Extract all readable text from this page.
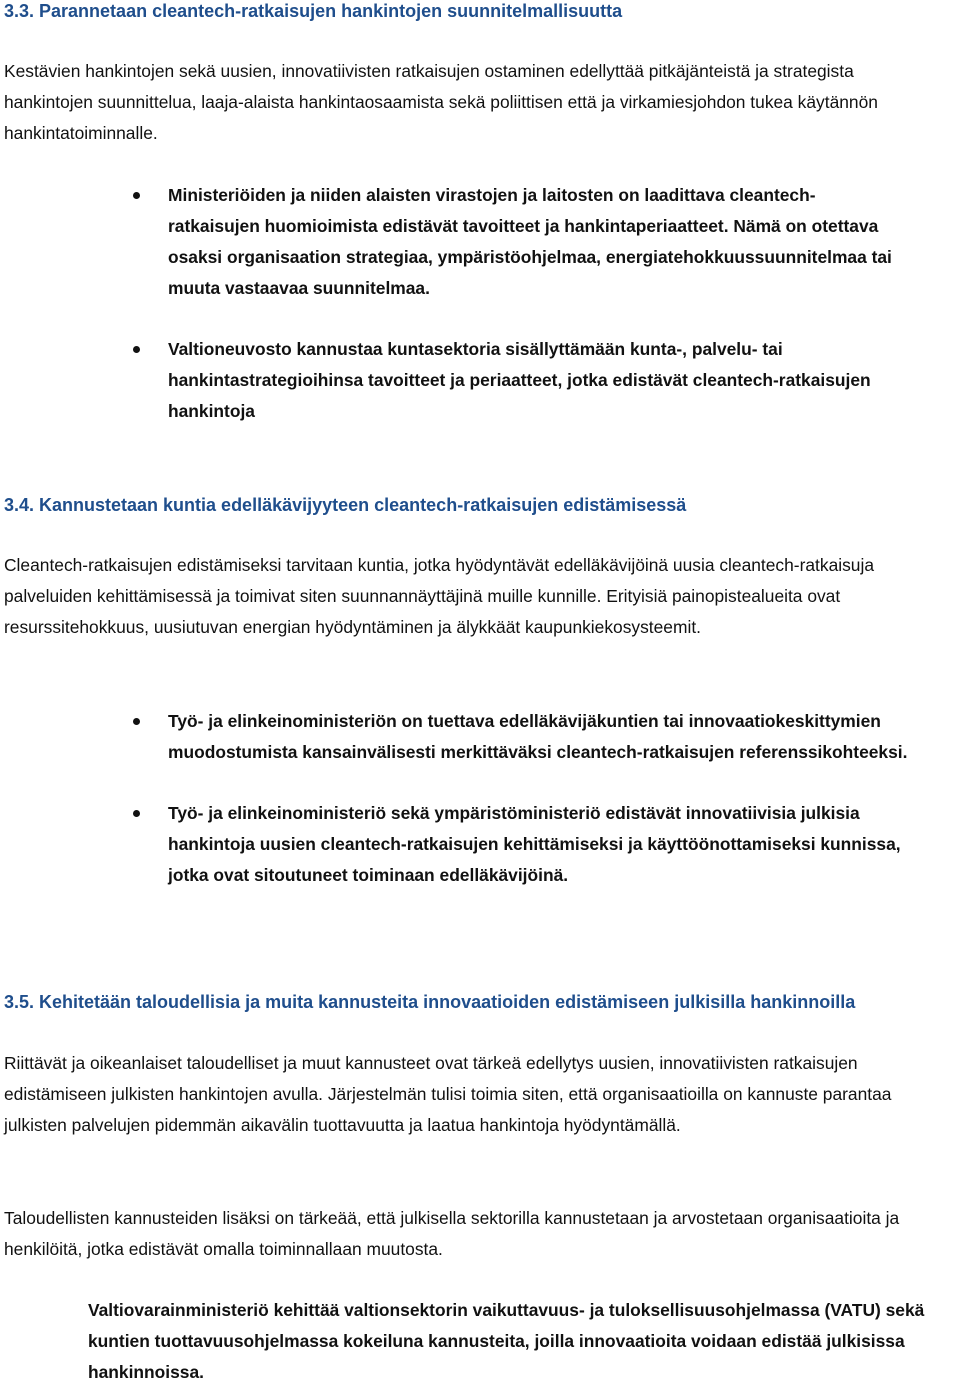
3.3. Parannetaan cleantech-ratkaisujen hankintojen suunnitelmallisuutta

Kestävien hankintojen sekä uusien, innovatiivisten ratkaisujen ostaminen edellyttää pitkäjänteistä ja strategista hankintojen suunnittelua, laaja-alaista hankintaosaamista sekä poliittisen että ja virkamiesjohdon tukea käytännön hankintatoiminnalle.

Ministeriöiden ja niiden alaisten virastojen ja laitosten on laadittava cleantech-ratkaisujen huomioimista edistävät tavoitteet ja hankintaperiaatteet. Nämä on otettava osaksi organisaation strategiaa, ympäristöohjelmaa, energiatehokkuussuunnitelmaa tai muuta vastaavaa suunnitelmaa.
Valtioneuvosto kannustaa kuntasektoria sisällyttämään kunta-, palvelu- tai hankintastrategioihinsa tavoitteet ja periaatteet, jotka edistävät cleantech-ratkaisujen hankintoja
3.4. Kannustetaan kuntia edelläkävijyyteen cleantech-ratkaisujen edistämisessä

Cleantech-ratkaisujen edistämiseksi tarvitaan kuntia, jotka hyödyntävät edelläkävijöinä uusia cleantech-ratkaisuja palveluiden kehittämisessä ja toimivat siten suunnannäyttäjinä muille kunnille. Erityisiä painopistealueita ovat resurssitehokkuus, uusiutuvan energian hyödyntäminen ja älykkäät kaupunkiekosysteemit.

Työ- ja elinkeinoministeriön on tuettava edelläkävijäkuntien tai innovaatiokeskittymien muodostumista kansainvälisesti merkittäväksi cleantech-ratkaisujen referenssikohteeksi.
Työ- ja elinkeinoministeriö sekä ympäristöministeriö edistävät innovatiivisia julkisia hankintoja uusien cleantech-ratkaisujen kehittämiseksi ja käyttöönottamiseksi kunnissa, jotka ovat sitoutuneet toiminaan edelläkävijöinä.
3.5. Kehitetään taloudellisia ja muita kannusteita innovaatioiden edistämiseen julkisilla hankinnoilla

Riittävät ja oikeanlaiset taloudelliset ja muut kannusteet ovat tärkeä edellytys uusien, innovatiivisten ratkaisujen edistämiseen julkisten hankintojen avulla. Järjestelmän tulisi toimia siten, että organisaatioilla on kannuste parantaa julkisten palvelujen pidemmän aikavälin tuottavuutta ja laatua hankintoja hyödyntämällä.

Taloudellisten kannusteiden lisäksi on tärkeää, että julkisella sektorilla kannustetaan ja arvostetaan organisaatioita ja henkilöitä, jotka edistävät omalla toiminnallaan muutosta.

Valtiovarainministeriö kehittää valtionsektorin vaikuttavuus- ja tuloksellisuusohjelmassa (VATU) sekä kuntien tuottavuusohjelmassa kokeiluna kannusteita, joilla innovaatioita voidaan edistää julkisissa hankinnoissa.
